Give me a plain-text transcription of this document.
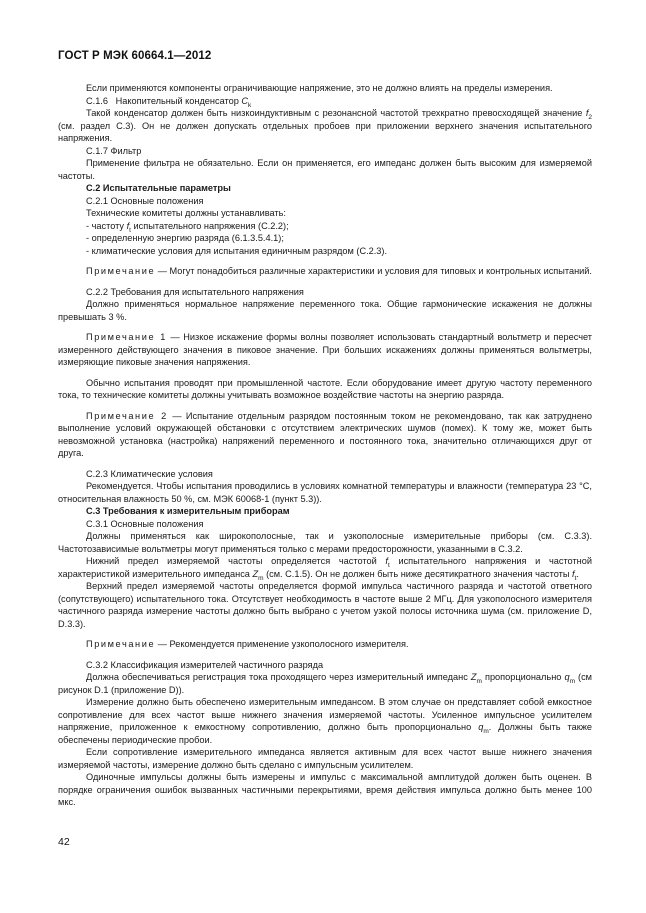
ГОСТ Р МЭК 60664.1—2012

Если применяются компоненты ограничивающие напряжение, это не должно влиять на пределы измерения.

C.1.6 Накопительный конденсатор $C_k$

Такой конденсатор должен быть низкоиндуктивным с резонансной частотой трехкратно превосходящей значение $f_2$ (см. раздел C.3). Он не должен допускать отдельных пробоев при приложении верхнего значения испытательного напряжения.

C.1.7 Фильтр

Применение фильтра не обязательно. Если он применяется, его импеданс должен быть высоким для измеряемой частоты.

C.2 Испытательные параметры

C.2.1 Основные положения

Технические комитеты должны устанавливать:

- частоту $f_t$ испытательного напряжения (C.2.2);

- определенную энергию разряда (6.1.3.5.4.1);

- климатические условия для испытания единичным разрядом (C.2.3).

Примечание — Могут понадобиться различные характеристики и условия для типовых и контрольных испытаний.

C.2.2 Требования для испытательного напряжения

Должно применяться нормальное напряжение переменного тока. Общие гармонические искажения не должны превышать 3 %.

Примечание 1 — Низкое искажение формы волны позволяет использовать стандартный вольтметр и пересчет измеренного действующего значения в пиковое значение. При больших искажениях должны применяться вольтметры, измеряющие пиковые значения напряжения.

Обычно испытания проводят при промышленной частоте. Если оборудование имеет другую частоту переменного тока, то технические комитеты должны учитывать возможное воздействие частоты на энергию разряда.

Примечание 2 — Испытание отдельным разрядом постоянным током не рекомендовано, так как затруднено выполнение условий окружающей обстановки с отсутствием электрических шумов (помех). К тому же, может быть невозможной установка (настройка) напряжений переменного и постоянного тока, значительно отличающихся друг от друга.

C.2.3 Климатические условия

Рекомендуется. Чтобы испытания проводились в условиях комнатной температуры и влажности (температура 23 °С, относительная влажность 50 %, см. МЭК 60068-1 (пункт 5.3)).

C.3 Требования к измерительным приборам

C.3.1 Основные положения

Должны применяться как широкополосные, так и узкополосные измерительные приборы (см. C.3.3). Частотозависимые вольтметры могут применяться только с мерами предосторожности, указанными в C.3.2.

Нижний предел измеряемой частоты определяется частотой $f_t$ испытательного напряжения и частотной характеристикой измерительного импеданса $Z_m$ (см. C.1.5). Он не должен быть ниже десятикратного значения частоты $f_t$.

Верхний предел измеряемой частоты определяется формой импульса частичного разряда и частотой ответного (сопутствующего) испытательного тока. Отсутствует необходимость в частоте выше 2 МГц. Для узкополосного измерителя частичного разряда измерение частоты должно быть выбрано с учетом узкой полосы источника шума (см. приложение D, D.3.3).

Примечание — Рекомендуется применение узкополосного измерителя.

C.3.2 Классификация измерителей частичного разряда

Должна обеспечиваться регистрация тока проходящего через измерительный импеданс $Z_m$ пропорционально $q_m$ (см рисунок D.1 (приложение D)).

Измерение должно быть обеспечено измерительным импедансом. В этом случае он представляет собой емкостное сопротивление для всех частот выше нижнего значения измеряемой частоты. Усиленное импульсное усилителем напряжение, приложенное к емкостному сопротивлению, должно быть пропорционально $q_m$. Должны быть также обеспечены периодические пробои.

Если сопротивление измерительного импеданса является активным для всех частот выше нижнего значения измеряемой частоты, измерение должно быть сделано с импульсным усилителем.

Одиночные импульсы должны быть измерены и импульс с максимальной амплитудой должен быть оценен. В порядке ограничения ошибок вызванных частичными перекрытиями, время действия импульса должно быть менее 100 мкс.

42
